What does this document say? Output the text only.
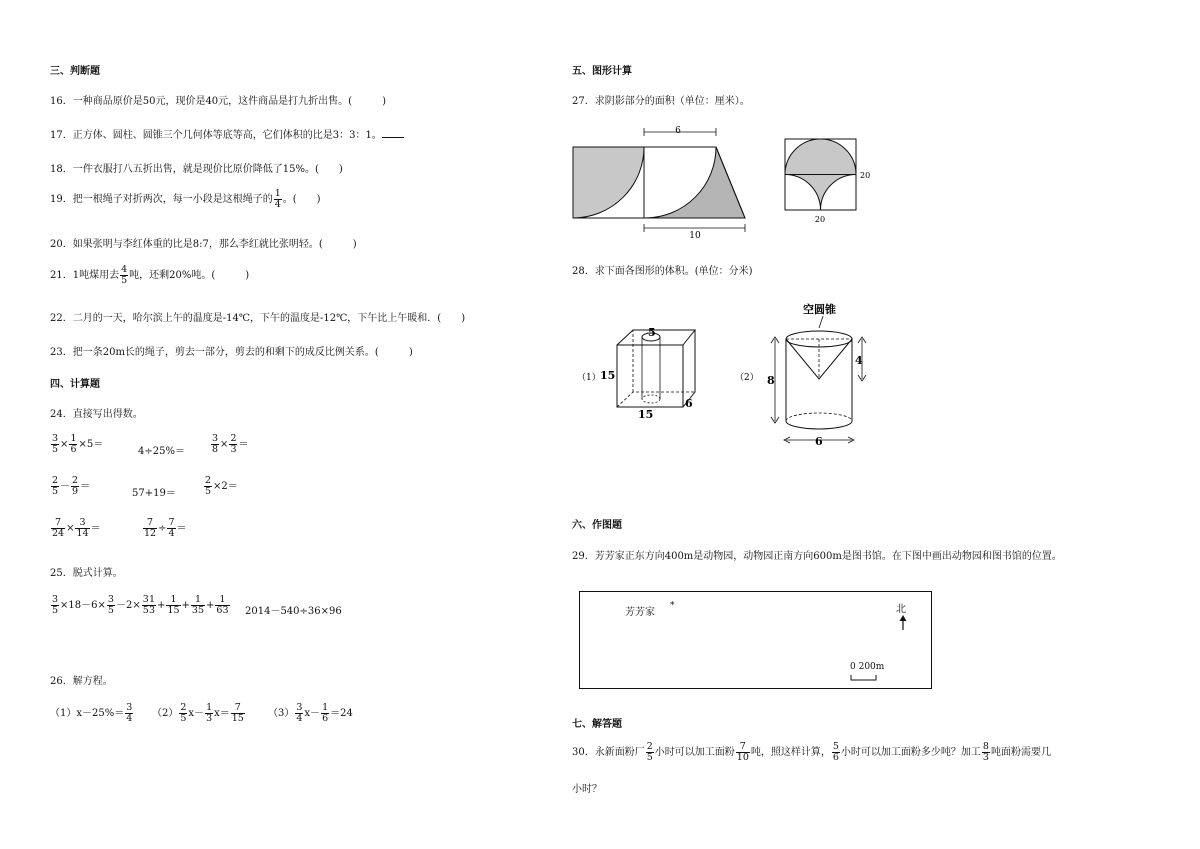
三、判断题
16．一种商品原价是50元，现价是40元，这件商品是打九折出售。(　　　)
17．正方体、圆柱、圆锥三个几何体等底等高，它们体积的比是3：3：1。
18．一件衣服打八五折出售，就是现价比原价降低了15%。(　　)
19．把一根绳子对折两次，每一小段是这根绳子的 $\frac{1}{4}$ 。(　　)
20．如果张明与李红体重的比是8:7，那么李红就比张明轻。(　　　)
21．1吨煤用去 $\frac{4}{5}$ 吨，还剩20%吨。(　　　)
22．二月的一天，哈尔滨上午的温度是-14℃，下午的温度是-12℃，下午比上午暖和．(　　)
23．把一条20m长的绳子，剪去一部分，剪去的和剩下的成反比例关系。(　　　)
四、计算题
24．直接写出得数。
$\frac{3}{5} \times \frac{1}{6} \times 5=$
4÷25%＝	$\frac{3}{8} \times \frac{2}{3}$ ＝
$\frac{2}{5} - \frac{2}{9}$ ＝
57+19＝	$\frac{2}{5} \times 2=$
$\frac{7}{24} \times \frac{3}{14}$ ＝	$\frac{7}{12} \div \frac{7}{4}$ ＝
25．脱式计算。
$\frac{3}{5} \times 18-6\times \frac{3}{5} -2\times \frac{3}{5}$
$\frac{1}{3} + \frac{1}{15} + \frac{1}{35} + \frac{1}{63} 2014-540\div 36\times 96$
26．解方程。
$(1)x-25\%= \frac{3}{4} (2) \frac{2}{5} x- \frac{1}{3} x= \frac{7}{15} (3) \frac{3}{4} x- \frac{1}{6} =24$
五、图形计算
27．求阴影部分的面积（单位：厘米）。
6
10
20
20
28．求下面各图形的体积。(单位：分米)
（1）
5
15
15
6
（2）
空圆锥
8
4
6
六、作图题
29．芳芳家正东方向400m是动物园，动物园正南方向600m是图书馆。在下图中画出动物园和图书馆的位置。
芳芳家
*	北
0 200m
七、解答题
30．永新面粉厂 $\frac{2}{5}$ 小时可以加工面粉 $\frac{7}{10}$ 吨，照这样计算， $\frac{5}{6}$ 小时可以加工面粉多少吨？加工 $\frac{8}{3}$ 吨面粉需要几
小时？
